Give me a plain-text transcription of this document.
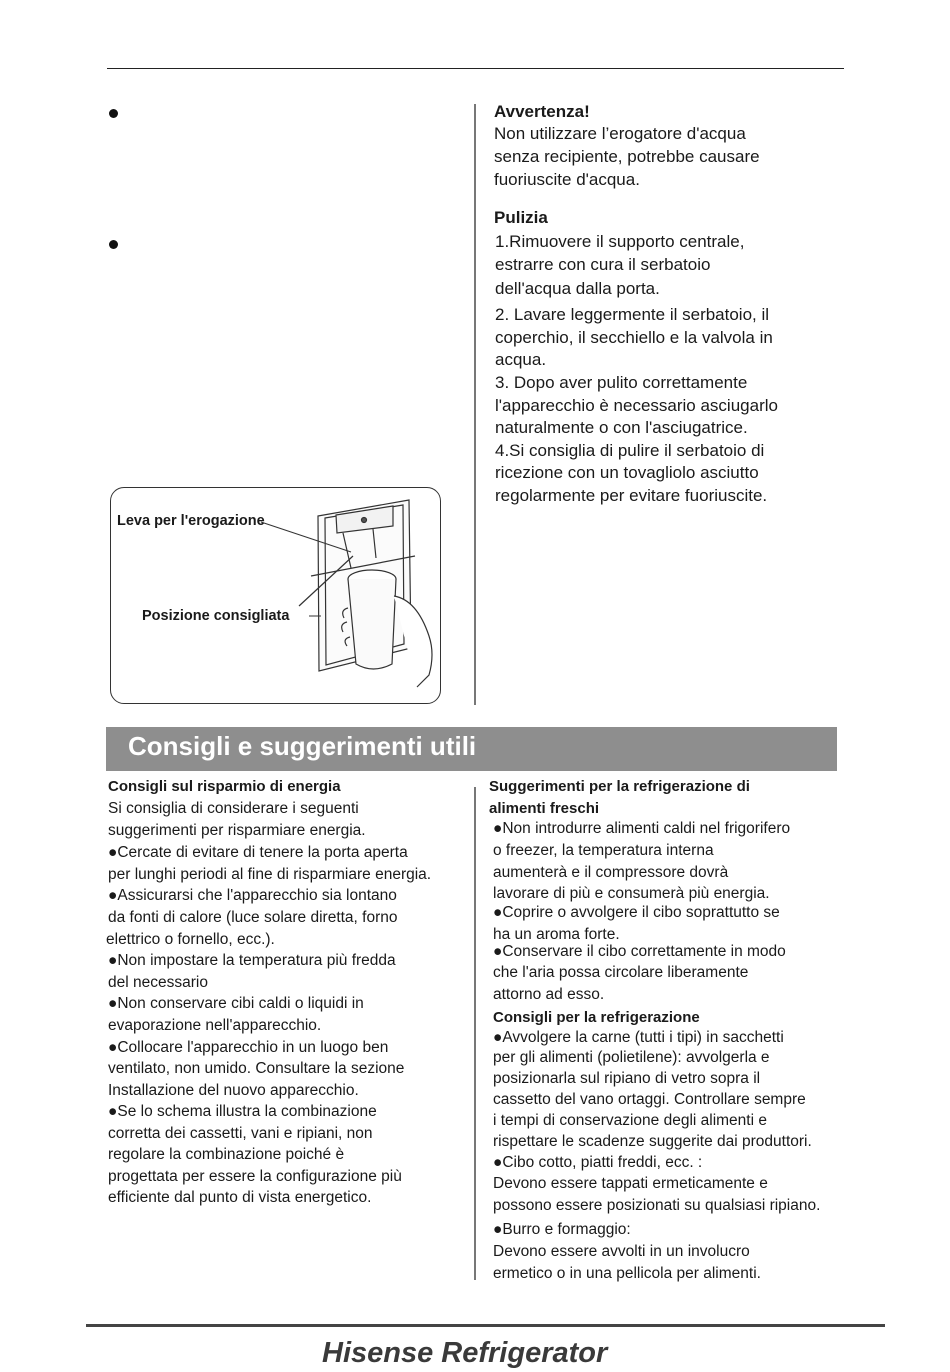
Avvertenza!
Non utilizzare l’erogatore d'acqua
senza recipiente, potrebbe causare
fuoriuscite d'acqua.
Pulizia
1.Rimuovere il supporto centrale,
estrarre con cura il serbatoio
dell'acqua dalla porta.
2. Lavare leggermente il serbatoio, il
coperchio, il secchiello e la valvola in
acqua.
3. Dopo aver pulito correttamente
l'apparecchio è necessario asciugarlo
naturalmente o con l'asciugatrice.
4.Si consiglia di pulire il serbatoio di
ricezione con un tovagliolo asciutto
regolarmente per evitare fuoriuscite.
Leva per l'erogazione
Posizione consigliata
Consigli e suggerimenti utili
Consigli sul risparmio di energia
Si consiglia di considerare i seguenti
suggerimenti per risparmiare energia.
●Cercate di evitare di tenere la porta aperta
per lunghi periodi al fine di risparmiare energia.
●Assicurarsi che l'apparecchio sia lontano
da fonti di calore (luce solare diretta, forno
elettrico o fornello, ecc.).
●Non impostare la temperatura più fredda
del necessario
●Non conservare cibi caldi o liquidi in
evaporazione nell'apparecchio.
●Collocare l'apparecchio in un luogo ben
ventilato, non umido. Consultare la sezione
Installazione del nuovo apparecchio.
●Se lo schema illustra la combinazione
corretta dei cassetti, vani e ripiani, non
regolare la combinazione poiché è
progettata per essere la configurazione più
efficiente dal punto di vista energetico.
Suggerimenti per la refrigerazione di
alimenti freschi
●Non introdurre alimenti caldi nel frigorifero
o freezer, la temperatura interna
aumenterà e il compressore dovrà
lavorare di più e consumerà più energia.
●Coprire o avvolgere il cibo soprattutto se
ha un aroma forte.
●Conservare il cibo correttamente in modo
che l'aria possa circolare liberamente
attorno ad esso.
Consigli per la refrigerazione
●Avvolgere la carne (tutti i tipi) in sacchetti
per gli alimenti (polietilene): avvolgerla e
posizionarla sul ripiano di vetro sopra il
cassetto del vano ortaggi. Controllare sempre
i tempi di conservazione degli alimenti e
rispettare le scadenze suggerite dai produttori.
●Cibo cotto, piatti freddi, ecc. :
Devono essere tappati ermeticamente e
possono essere posizionati su qualsiasi ripiano.
●Burro e formaggio:
Devono essere avvolti in un involucro
ermetico o in una pellicola per alimenti.
Hisense Refrigerator
